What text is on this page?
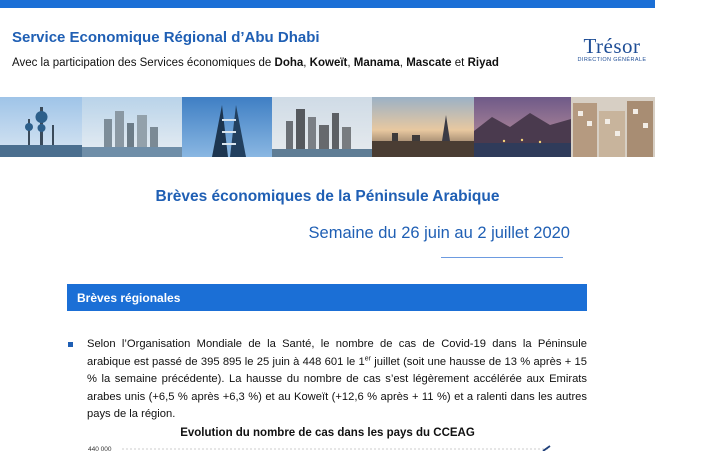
Service Economique Régional d’Abu Dhabi
Avec la participation des Services économiques de Doha, Koweït, Manama, Mascate et Riyad
Trésor
DIRECTION GÉNÉRALE
Brèves économiques de la Péninsule Arabique
Semaine du 26 juin au 2 juillet 2020
Brèves régionales
Selon l’Organisation Mondiale de la Santé, le nombre de cas de Covid-19 dans la Péninsule arabique est passé de 395 895 le 25 juin à 448 601 le 1er juillet (soit une hausse de 13 % après + 15 % la semaine précédente). La hausse du nombre de cas s’est légèrement accélérée aux Emirats arabes unis (+6,5 % après +6,3 %) et au Koweït (+12,6 % après + 11 %) et a ralenti dans les autres pays de la région.
Evolution du nombre de cas dans les pays du CCEAG
440 000
